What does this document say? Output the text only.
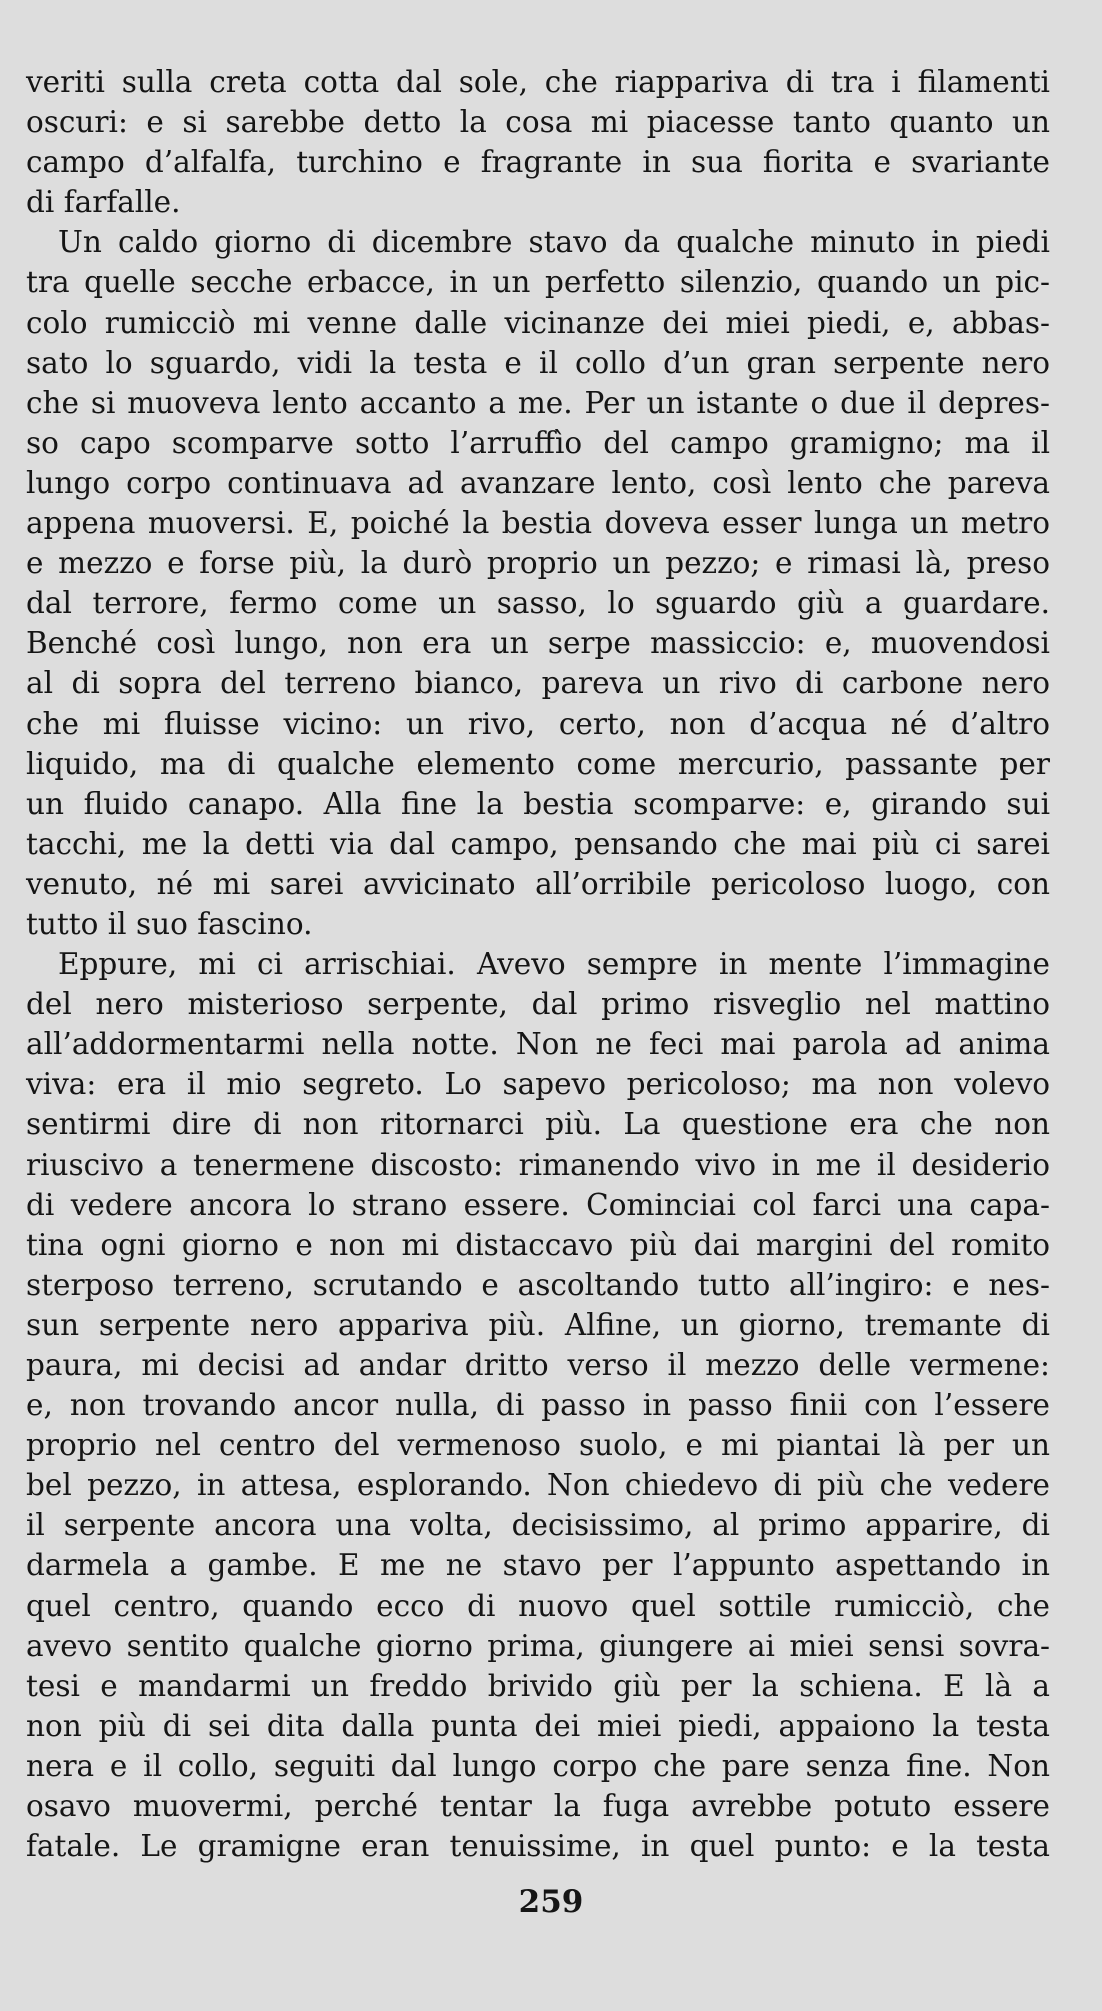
veriti sulla creta cotta dal sole, che riappariva di tra i filamenti
oscuri: e si sarebbe detto la cosa mi piacesse tanto quanto un
campo d’alfalfa, turchino e fragrante in sua fiorita e svariante
di farfalle.
Un caldo giorno di dicembre stavo da qualche minuto in piedi
tra quelle secche erbacce, in un perfetto silenzio, quando un pic-
colo rumicciò mi venne dalle vicinanze dei miei piedi, e, abbas-
sato lo sguardo, vidi la testa e il collo d’un gran serpente nero
che si muoveva lento accanto a me. Per un istante o due il depres-
so capo scomparve sotto l’arruffìo del campo gramigno; ma il
lungo corpo continuava ad avanzare lento, così lento che pareva
appena muoversi. E, poiché la bestia doveva esser lunga un metro
e mezzo e forse più, la durò proprio un pezzo; e rimasi là, preso
dal terrore, fermo come un sasso, lo sguardo giù a guardare.
Benché così lungo, non era un serpe massiccio: e, muovendosi
al di sopra del terreno bianco, pareva un rivo di carbone nero
che mi fluisse vicino: un rivo, certo, non d’acqua né d’altro
liquido, ma di qualche elemento come mercurio, passante per
un fluido canapo. Alla fine la bestia scomparve: e, girando sui
tacchi, me la detti via dal campo, pensando che mai più ci sarei
venuto, né mi sarei avvicinato all’orribile pericoloso luogo, con
tutto il suo fascino.
Eppure, mi ci arrischiai. Avevo sempre in mente l’immagine
del nero misterioso serpente, dal primo risveglio nel mattino
all’addormentarmi nella notte. Non ne feci mai parola ad anima
viva: era il mio segreto. Lo sapevo pericoloso; ma non volevo
sentirmi dire di non ritornarci più. La questione era che non
riuscivo a tenermene discosto: rimanendo vivo in me il desiderio
di vedere ancora lo strano essere. Cominciai col farci una capa-
tina ogni giorno e non mi distaccavo più dai margini del romito
sterposo terreno, scrutando e ascoltando tutto all’ingiro: e nes-
sun serpente nero appariva più. Alfine, un giorno, tremante di
paura, mi decisi ad andar dritto verso il mezzo delle vermene:
e, non trovando ancor nulla, di passo in passo finii con l’essere
proprio nel centro del vermenoso suolo, e mi piantai là per un
bel pezzo, in attesa, esplorando. Non chiedevo di più che vedere
il serpente ancora una volta, decisissimo, al primo apparire, di
darmela a gambe. E me ne stavo per l’appunto aspettando in
quel centro, quando ecco di nuovo quel sottile rumicciò, che
avevo sentito qualche giorno prima, giungere ai miei sensi sovra-
tesi e mandarmi un freddo brivido giù per la schiena. E là a
non più di sei dita dalla punta dei miei piedi, appaiono la testa
nera e il collo, seguiti dal lungo corpo che pare senza fine. Non
osavo muovermi, perché tentar la fuga avrebbe potuto essere
fatale. Le gramigne eran tenuissime, in quel punto: e la testa
259
